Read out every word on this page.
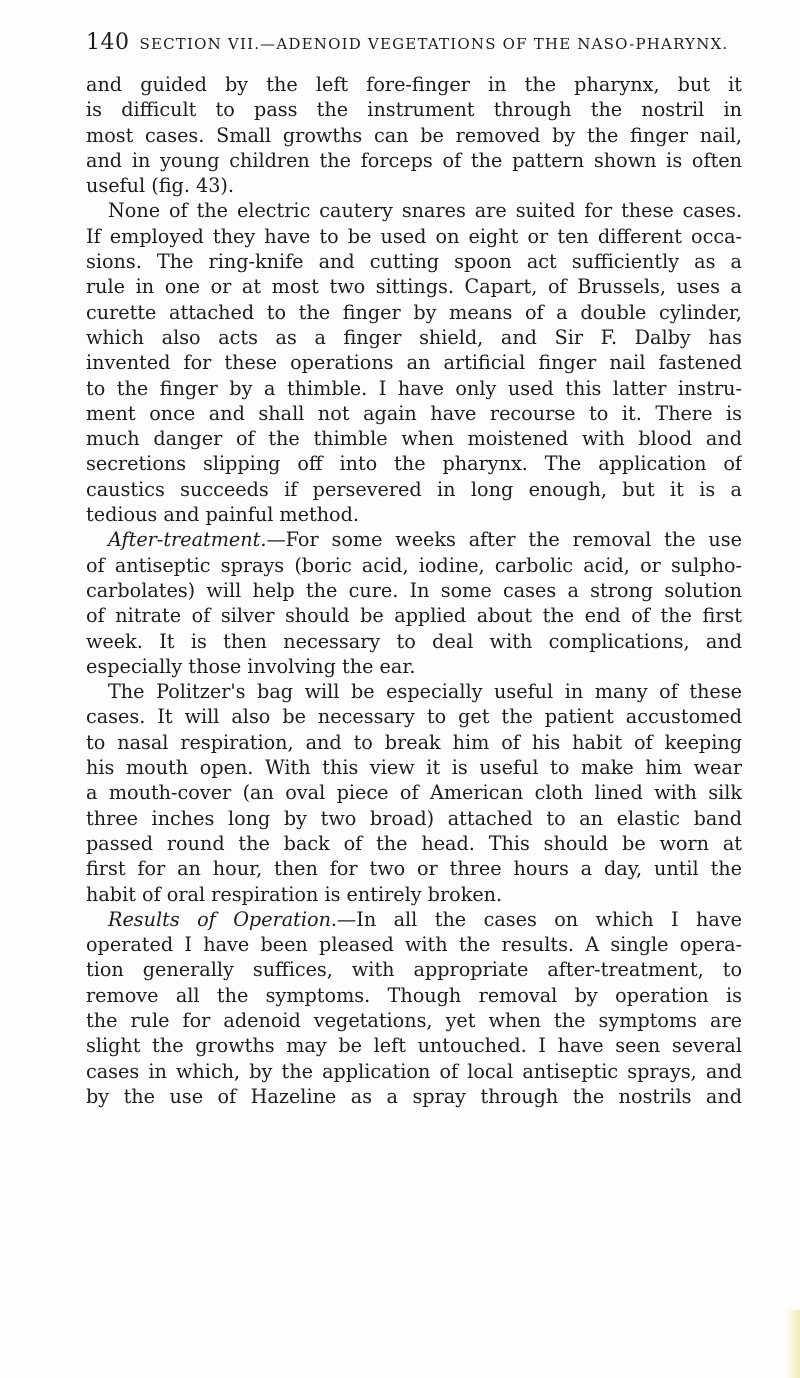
140 SECTION VII.—ADENOID VEGETATIONS OF THE NASO-PHARYNX.
and guided by the left fore-finger in the pharynx, but it
is difficult to pass the instrument through the nostril in
most cases. Small growths can be removed by the finger nail,
and in young children the forceps of the pattern shown is often
useful (fig. 43).
None of the electric cautery snares are suited for these cases.
If employed they have to be used on eight or ten different occa-
sions. The ring-knife and cutting spoon act sufficiently as a
rule in one or at most two sittings. Capart, of Brussels, uses a
curette attached to the finger by means of a double cylinder,
which also acts as a finger shield, and Sir F. Dalby has
invented for these operations an artificial finger nail fastened
to the finger by a thimble. I have only used this latter instru-
ment once and shall not again have recourse to it. There is
much danger of the thimble when moistened with blood and
secretions slipping off into the pharynx. The application of
caustics succeeds if persevered in long enough, but it is a
tedious and painful method.
After-treatment.—For some weeks after the removal the use
of antiseptic sprays (boric acid, iodine, carbolic acid, or sulpho-
carbolates) will help the cure. In some cases a strong solution
of nitrate of silver should be applied about the end of the first
week. It is then necessary to deal with complications, and
especially those involving the ear.
The Politzer's bag will be especially useful in many of these
cases. It will also be necessary to get the patient accustomed
to nasal respiration, and to break him of his habit of keeping
his mouth open. With this view it is useful to make him wear
a mouth-cover (an oval piece of American cloth lined with silk
three inches long by two broad) attached to an elastic band
passed round the back of the head. This should be worn at
first for an hour, then for two or three hours a day, until the
habit of oral respiration is entirely broken.
Results of Operation.—In all the cases on which I have
operated I have been pleased with the results. A single opera-
tion generally suffices, with appropriate after-treatment, to
remove all the symptoms. Though removal by operation is
the rule for adenoid vegetations, yet when the symptoms are
slight the growths may be left untouched. I have seen several
cases in which, by the application of local antiseptic sprays, and
by the use of Hazeline as a spray through the nostrils and
